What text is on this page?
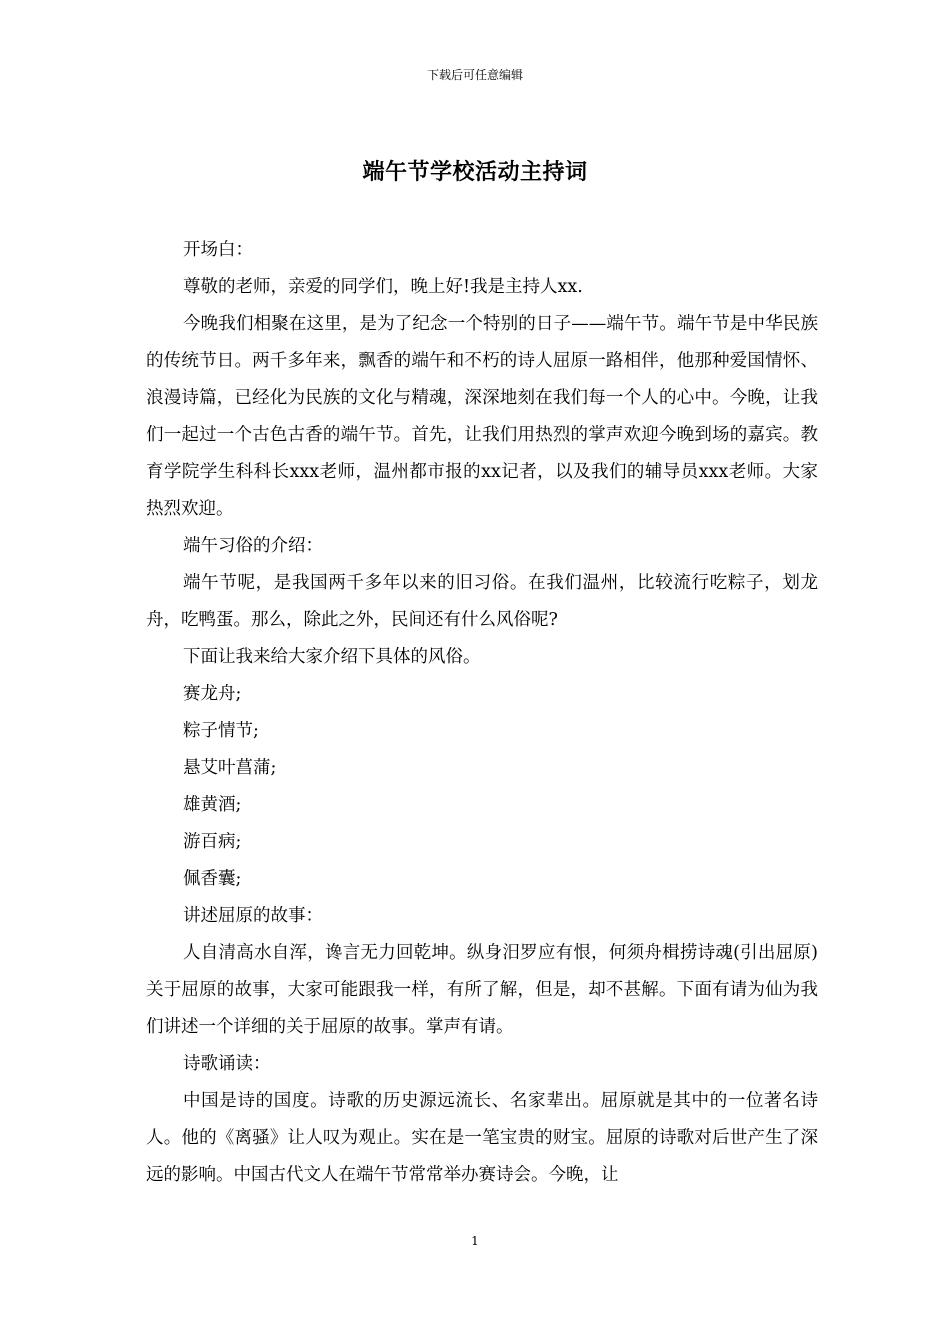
下载后可任意编辑
端午节学校活动主持词

开场白：

尊敬的老师，亲爱的同学们，晚上好!我是主持人xx.

今晚我们相聚在这里，是为了纪念一个特别的日子——端午节。端午节是中华民族的传统节日。两千多年来，飘香的端午和不朽的诗人屈原一路相伴，他那种爱国情怀、浪漫诗篇，已经化为民族的文化与精魂，深深地刻在我们每一个人的心中。今晚，让我们一起过一个古色古香的端午节。首先，让我们用热烈的掌声欢迎今晚到场的嘉宾。教育学院学生科科长xxx老师，温州都市报的xx记者，以及我们的辅导员xxx老师。大家热烈欢迎。

端午习俗的介绍：

端午节呢，是我国两千多年以来的旧习俗。在我们温州，比较流行吃粽子，划龙舟，吃鸭蛋。那么，除此之外，民间还有什么风俗呢?

下面让我来给大家介绍下具体的风俗。

赛龙舟;

粽子情节;

悬艾叶菖蒲;

雄黄酒;

游百病;

佩香囊;

讲述屈原的故事：

人自清高水自浑，谗言无力回乾坤。纵身汨罗应有恨，何须舟楫捞诗魂(引出屈原)关于屈原的故事，大家可能跟我一样，有所了解，但是，却不甚解。下面有请为仙为我们讲述一个详细的关于屈原的故事。掌声有请。

诗歌诵读：

中国是诗的国度。诗歌的历史源远流长、名家辈出。屈原就是其中的一位著名诗人。他的《离骚》让人叹为观止。实在是一笔宝贵的财宝。屈原的诗歌对后世产生了深远的影响。中国古代文人在端午节常常举办赛诗会。今晚，让

1
